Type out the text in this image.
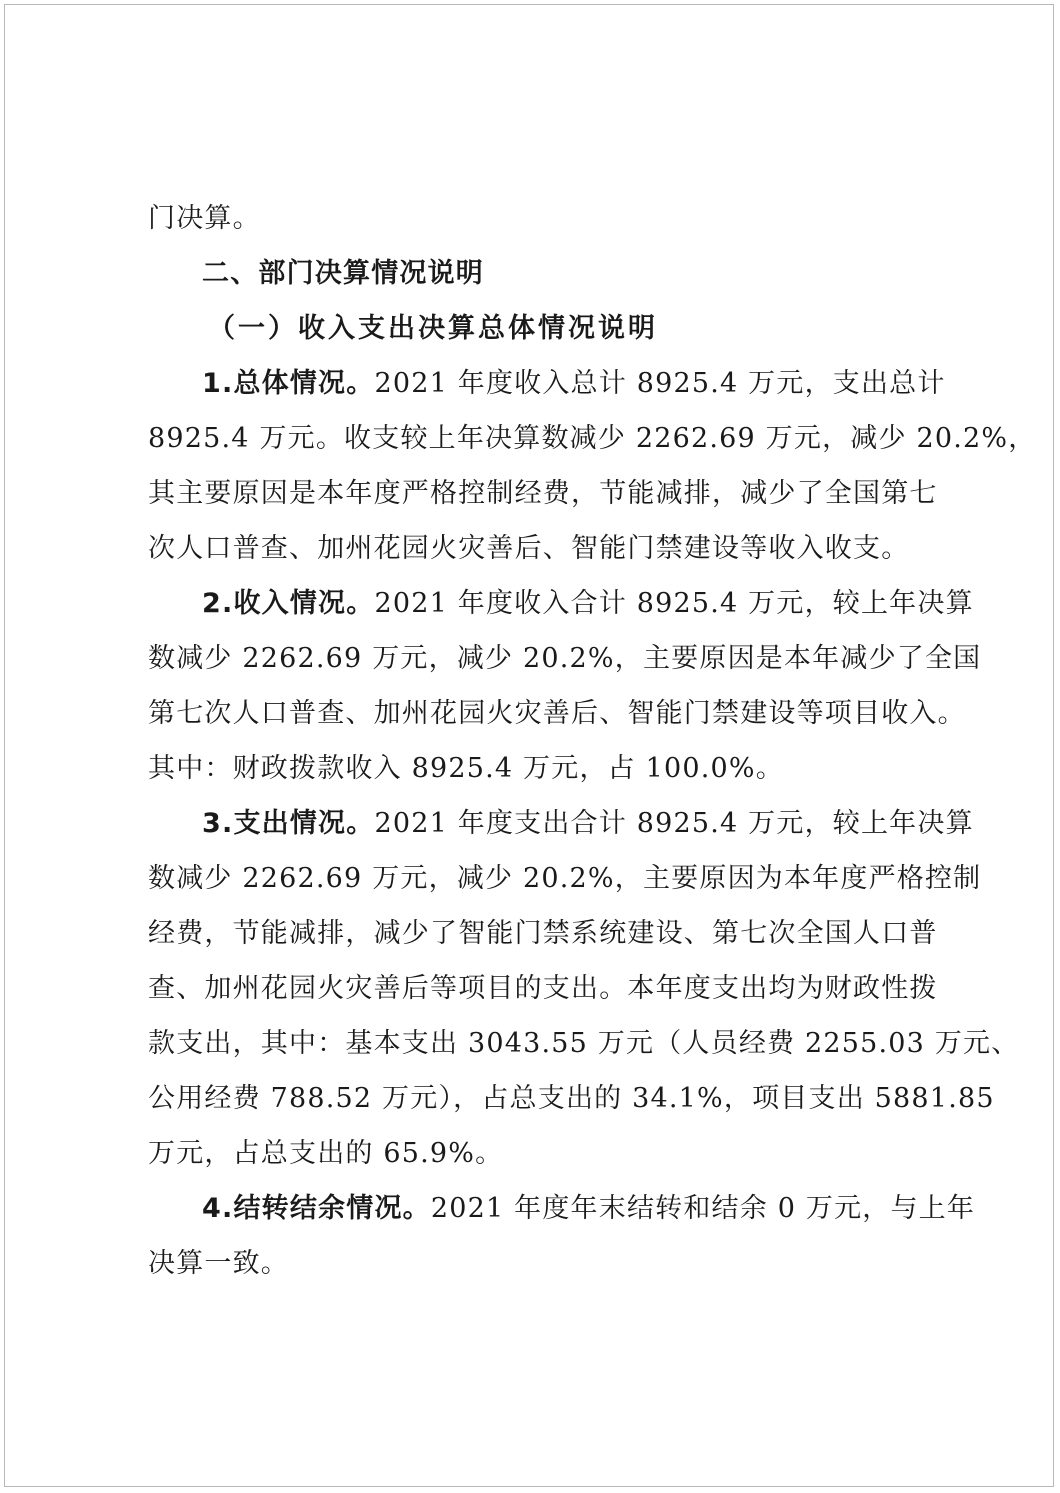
门决算。
二、部门决算情况说明
（一）收入支出决算总体情况说明
1.总体情况。2021 年度收入总计 8925.4 万元，支出总计
8925.4 万元。收支较上年决算数减少 2262.69 万元，减少 20.2%，
其主要原因是本年度严格控制经费，节能减排，减少了全国第七
次人口普查、加州花园火灾善后、智能门禁建设等收入收支。
2.收入情况。2021 年度收入合计 8925.4 万元，较上年决算
数减少 2262.69 万元，减少 20.2%，主要原因是本年减少了全国
第七次人口普查、加州花园火灾善后、智能门禁建设等项目收入。
其中：财政拨款收入 8925.4 万元，占 100.0%。
3.支出情况。2021 年度支出合计 8925.4 万元，较上年决算
数减少 2262.69 万元，减少 20.2%，主要原因为本年度严格控制
经费，节能减排，减少了智能门禁系统建设、第七次全国人口普
查、加州花园火灾善后等项目的支出。本年度支出均为财政性拨
款支出，其中：基本支出 3043.55 万元（人员经费 2255.03 万元、
公用经费 788.52 万元），占总支出的 34.1%，项目支出 5881.85
万元，占总支出的 65.9%。
4.结转结余情况。2021 年度年末结转和结余 0 万元，与上年
决算一致。
